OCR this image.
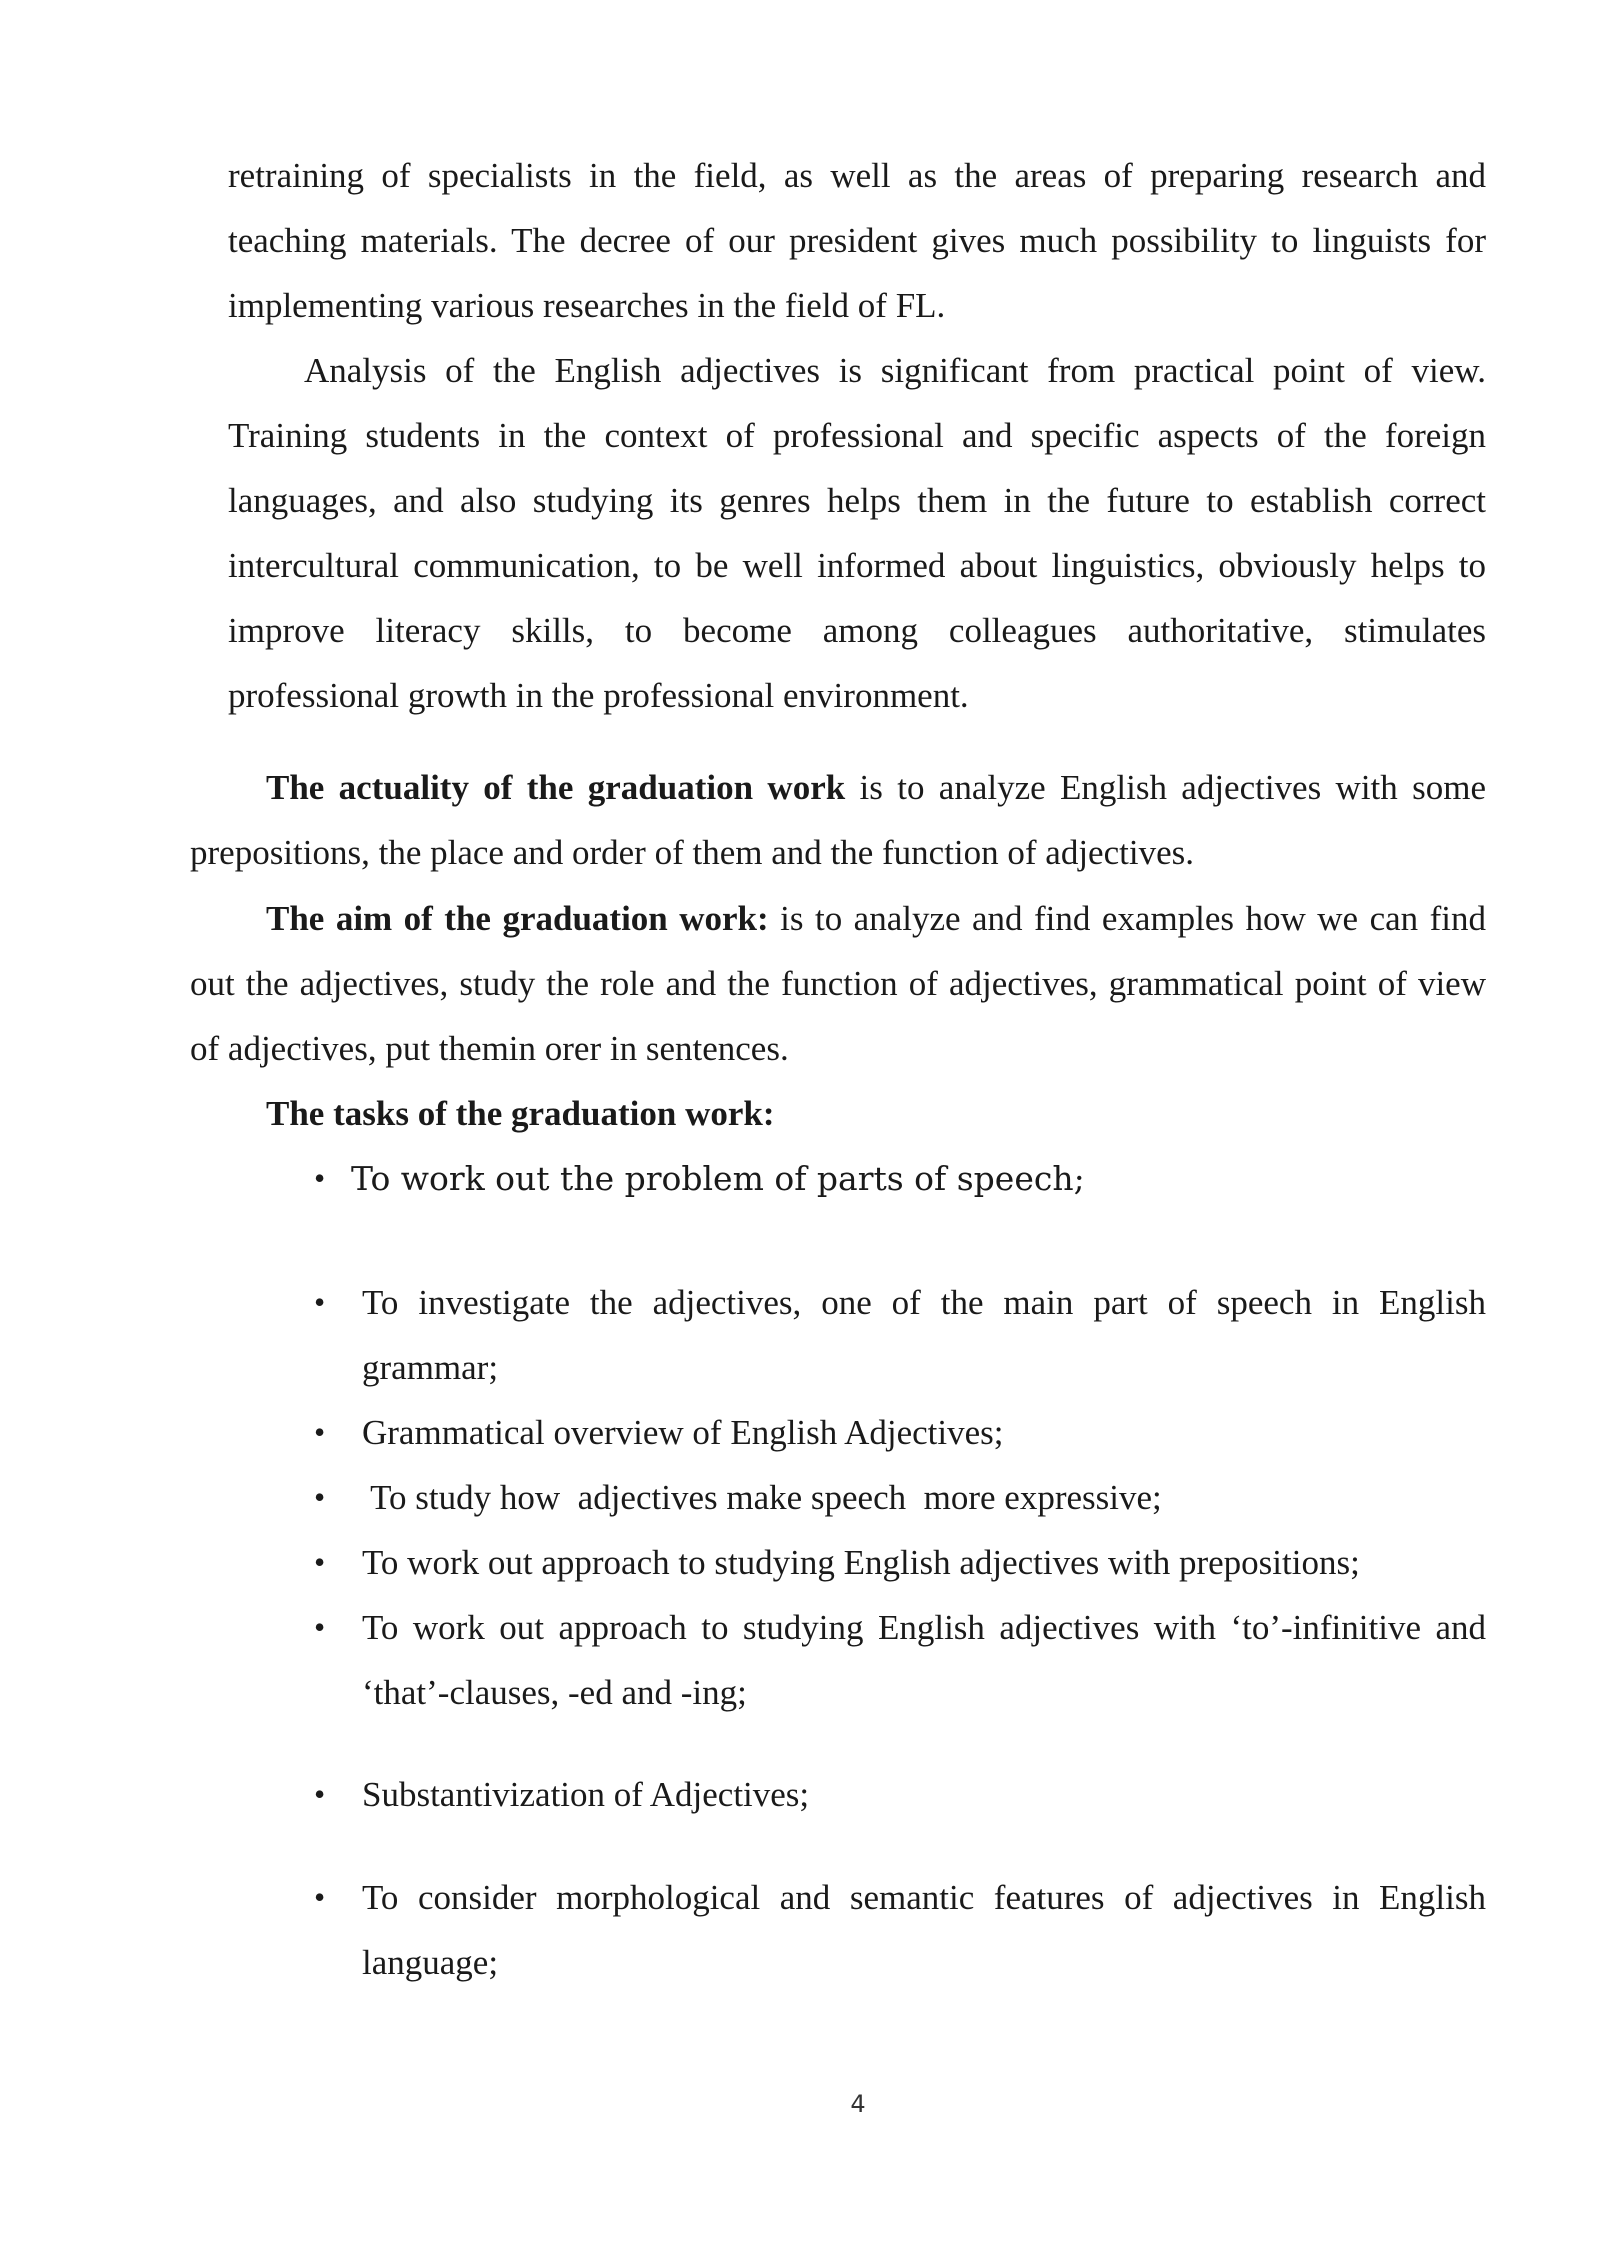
retraining of specialists in the field, as well as the areas of preparing research and teaching materials. The decree of our president gives much possibility to linguists for implementing various researches in the field of FL.

Analysis of the English adjectives is significant from practical point of view. Training students in the context of professional and specific aspects of the foreign languages, and also studying its genres helps them in the future to establish correct intercultural communication, to be well informed about linguistics, obviously helps to improve literacy skills, to become among colleagues authoritative, stimulates professional growth in the professional environment.

The actuality of the graduation work is to analyze English adjectives with some prepositions, the place and order of them and the function of adjectives.

The aim of the graduation work: is to analyze and find examples how we can find out the adjectives, study the role and the function of adjectives, grammatical point of view of adjectives, put themin orer in sentences.

The tasks of the graduation work:

• To work out the problem of parts of speech;

•	To investigate the adjectives, one of the main part of speech in English grammar;

•	Grammatical overview of English Adjectives;

•	To study how  adjectives make speech  more expressive;

•	To work out approach to studying English adjectives with prepositions;

•	To work out approach to studying English adjectives with ‘to’-infinitive and ‘that’-clauses, -ed and -ing;

•	Substantivization of Adjectives;

•	To consider morphological and semantic features of adjectives in English language;

4
